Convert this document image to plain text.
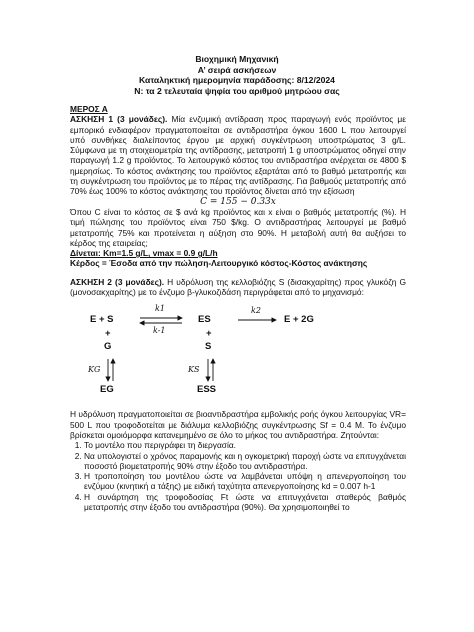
Βιοχημική Μηχανική
Α’ σειρά ασκήσεων
Καταληκτική ημερομηνία παράδοσης: 8/12/2024
Ν: τα 2 τελευταία ψηφία του αριθμού μητρώου σας
ΜΕΡΟΣ Α
ΑΣΚΗΣΗ 1 (3 μονάδες). Μία ενζυμική αντίδραση προς παραγωγή ενός προϊόντος με εμπορικό ενδιαφέρον πραγματοποιείται σε αντιδραστήρα όγκου 1600 L που λειτουργεί υπό συνθήκες διαλείποντος έργου με αρχική συγκέντρωση υποστρώματος 3 g/L. Σύμφωνα με τη στοιχειομετρία της αντίδρασης, μετατροπή 1 g υποστρώματος οδηγεί στην παραγωγή 1.2 g προϊόντος. Το λειτουργικό κόστος του αντιδραστήρα ανέρχεται σε 4800 $ ημερησίως. Το κόστος ανάκτησης του προϊόντος εξαρτάται από το βαθμό μετατροπής και τη συγκέντρωση του προϊόντος με το πέρας της αντίδρασης. Για βαθμούς μετατροπής από 70% έως 100% το κόστος ανάκτησης του προϊόντος δίνεται από την εξίσωση
C = 155 − 0.33x
Όπου C είναι το κόστος σε $ ανά kg προϊόντος και x είναι ο βαθμός μετατροπής (%). Η τιμή πώλησης του προϊόντος είναι 750 $/kg. Ο αντιδραστήρας λειτουργεί με βαθμό μετατροπής 75% και προτείνεται η αύξηση στο 90%. Η μεταβολή αυτή θα αυξήσει το κέρδος της εταιρείας;
Δίνεται: Km=1.5 g/L, vmax = 0.9 g/L/h
Κέρδος = Έσοδα από την πώληση-Λειτουργικό κόστος-Κόστος ανάκτησης
ΑΣΚΗΣΗ 2 (3 μονάδες). Η υδρόλυση της κελλοβιόζης S (δισακχαρίτης) προς γλυκόζη G (μονοσακχαρίτης) με το ένζυμο β-γλυκοζιδάση περιγράφεται από το μηχανισμό:
E + S	ES	E + 2G
+	+
G	S
EG	ESS
k1
k-1
k2
KG	KS
Η υδρόλυση πραγματοποιείται σε βιοαντιδραστήρα εμβολικής ροής όγκου λειτουργίας VR= 500 L που τροφοδοτείται με διάλυμα κελλοβιόζης συγκέντρωσης Sf = 0.4 M. Το ένζυμο βρίσκεται ομοιόμορφα κατανεμημένο σε όλο το μήκος του αντιδραστήρα. Ζητούνται:
1. Το μοντέλο που περιγράφει τη διεργασία.
2. Να υπολογιστεί ο χρόνος παραμονής και η ογκομετρική παροχή ώστε να επιτυγχάνεται ποσοστό βιομετατροπής 90% στην έξοδο του αντιδραστήρα.
3. Η τροποποίηση του μοντέλου ώστε να λαμβάνεται υπόψη η απενεργοποίηση του ενζύμου (κινητική α τάξης) με ειδική ταχύτητα απενεργοποίησης kd = 0.007 h-1
4. Η συνάρτηση της τροφοδοσίας Ft ώστε να επιτυγχάνεται σταθερός βαθμός μετατροπής στην έξοδο του αντιδραστήρα (90%). Θα χρησιμοποιηθεί το
